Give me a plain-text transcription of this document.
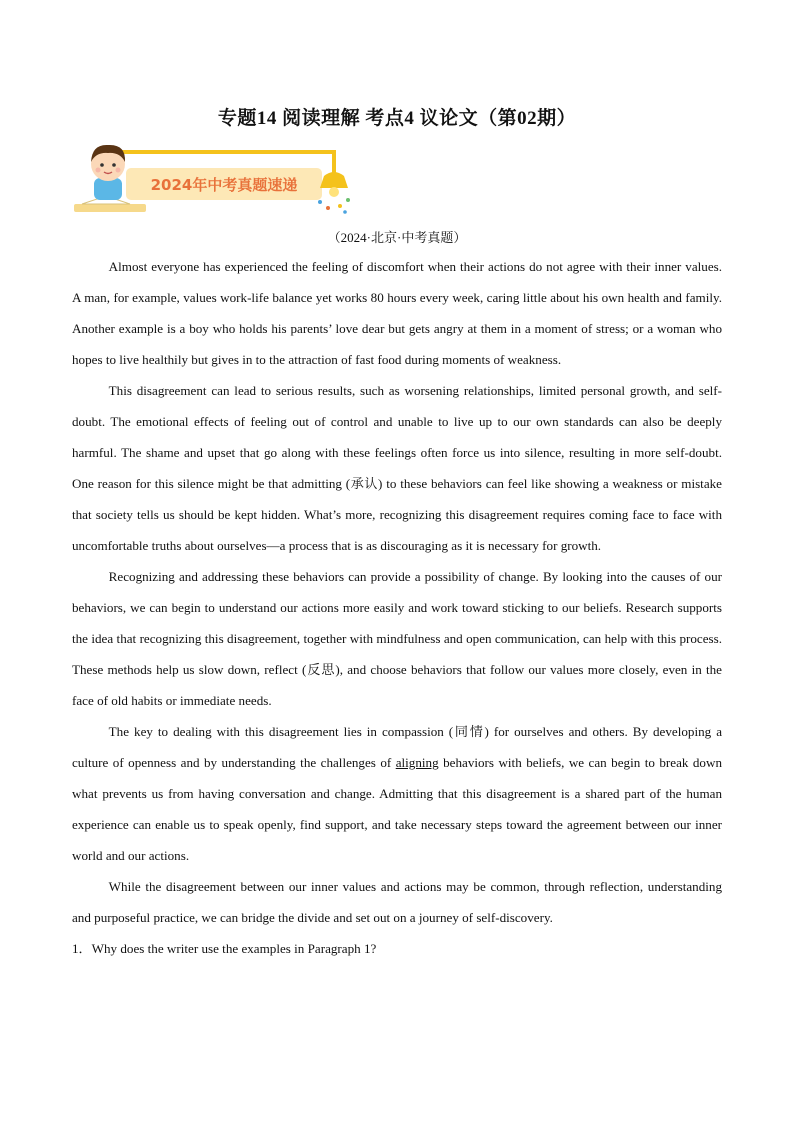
专题14 阅读理解 考点4 议论文（第02期）
2024年中考真题速递
（2024·北京·中考真题）

Almost everyone has experienced the feeling of discomfort when their actions do not agree with their inner values. A man, for example, values work-life balance yet works 80 hours every week, caring little about his own health and family. Another example is a boy who holds his parents’ love dear but gets angry at them in a moment of stress; or a woman who hopes to live healthily but gives in to the attraction of fast food during moments of weakness.

This disagreement can lead to serious results, such as worsening relationships, limited personal growth, and self-doubt. The emotional effects of feeling out of control and unable to live up to our own standards can also be deeply harmful. The shame and upset that go along with these feelings often force us into silence, resulting in more self-doubt. One reason for this silence might be that admitting (承认) to these behaviors can feel like showing a weakness or mistake that society tells us should be kept hidden. What’s more, recognizing this disagreement requires coming face to face with uncomfortable truths about ourselves—a process that is as discouraging as it is necessary for growth.

Recognizing and addressing these behaviors can provide a possibility of change. By looking into the causes of our behaviors, we can begin to understand our actions more easily and work toward sticking to our beliefs. Research supports the idea that recognizing this disagreement, together with mindfulness and open communication, can help with this process. These methods help us slow down, reflect (反思), and choose behaviors that follow our values more closely, even in the face of old habits or immediate needs.

The key to dealing with this disagreement lies in compassion (同情) for ourselves and others. By developing a culture of openness and by understanding the challenges of aligning behaviors with beliefs, we can begin to break down what prevents us from having conversation and change. Admitting that this disagreement is a shared part of the human experience can enable us to speak openly, find support, and take necessary steps toward the agreement between our inner world and our actions.

While the disagreement between our inner values and actions may be common, through reflection, understanding and purposeful practice, we can bridge the divide and set out on a journey of self-discovery.

1．Why does the writer use the examples in Paragraph 1?
